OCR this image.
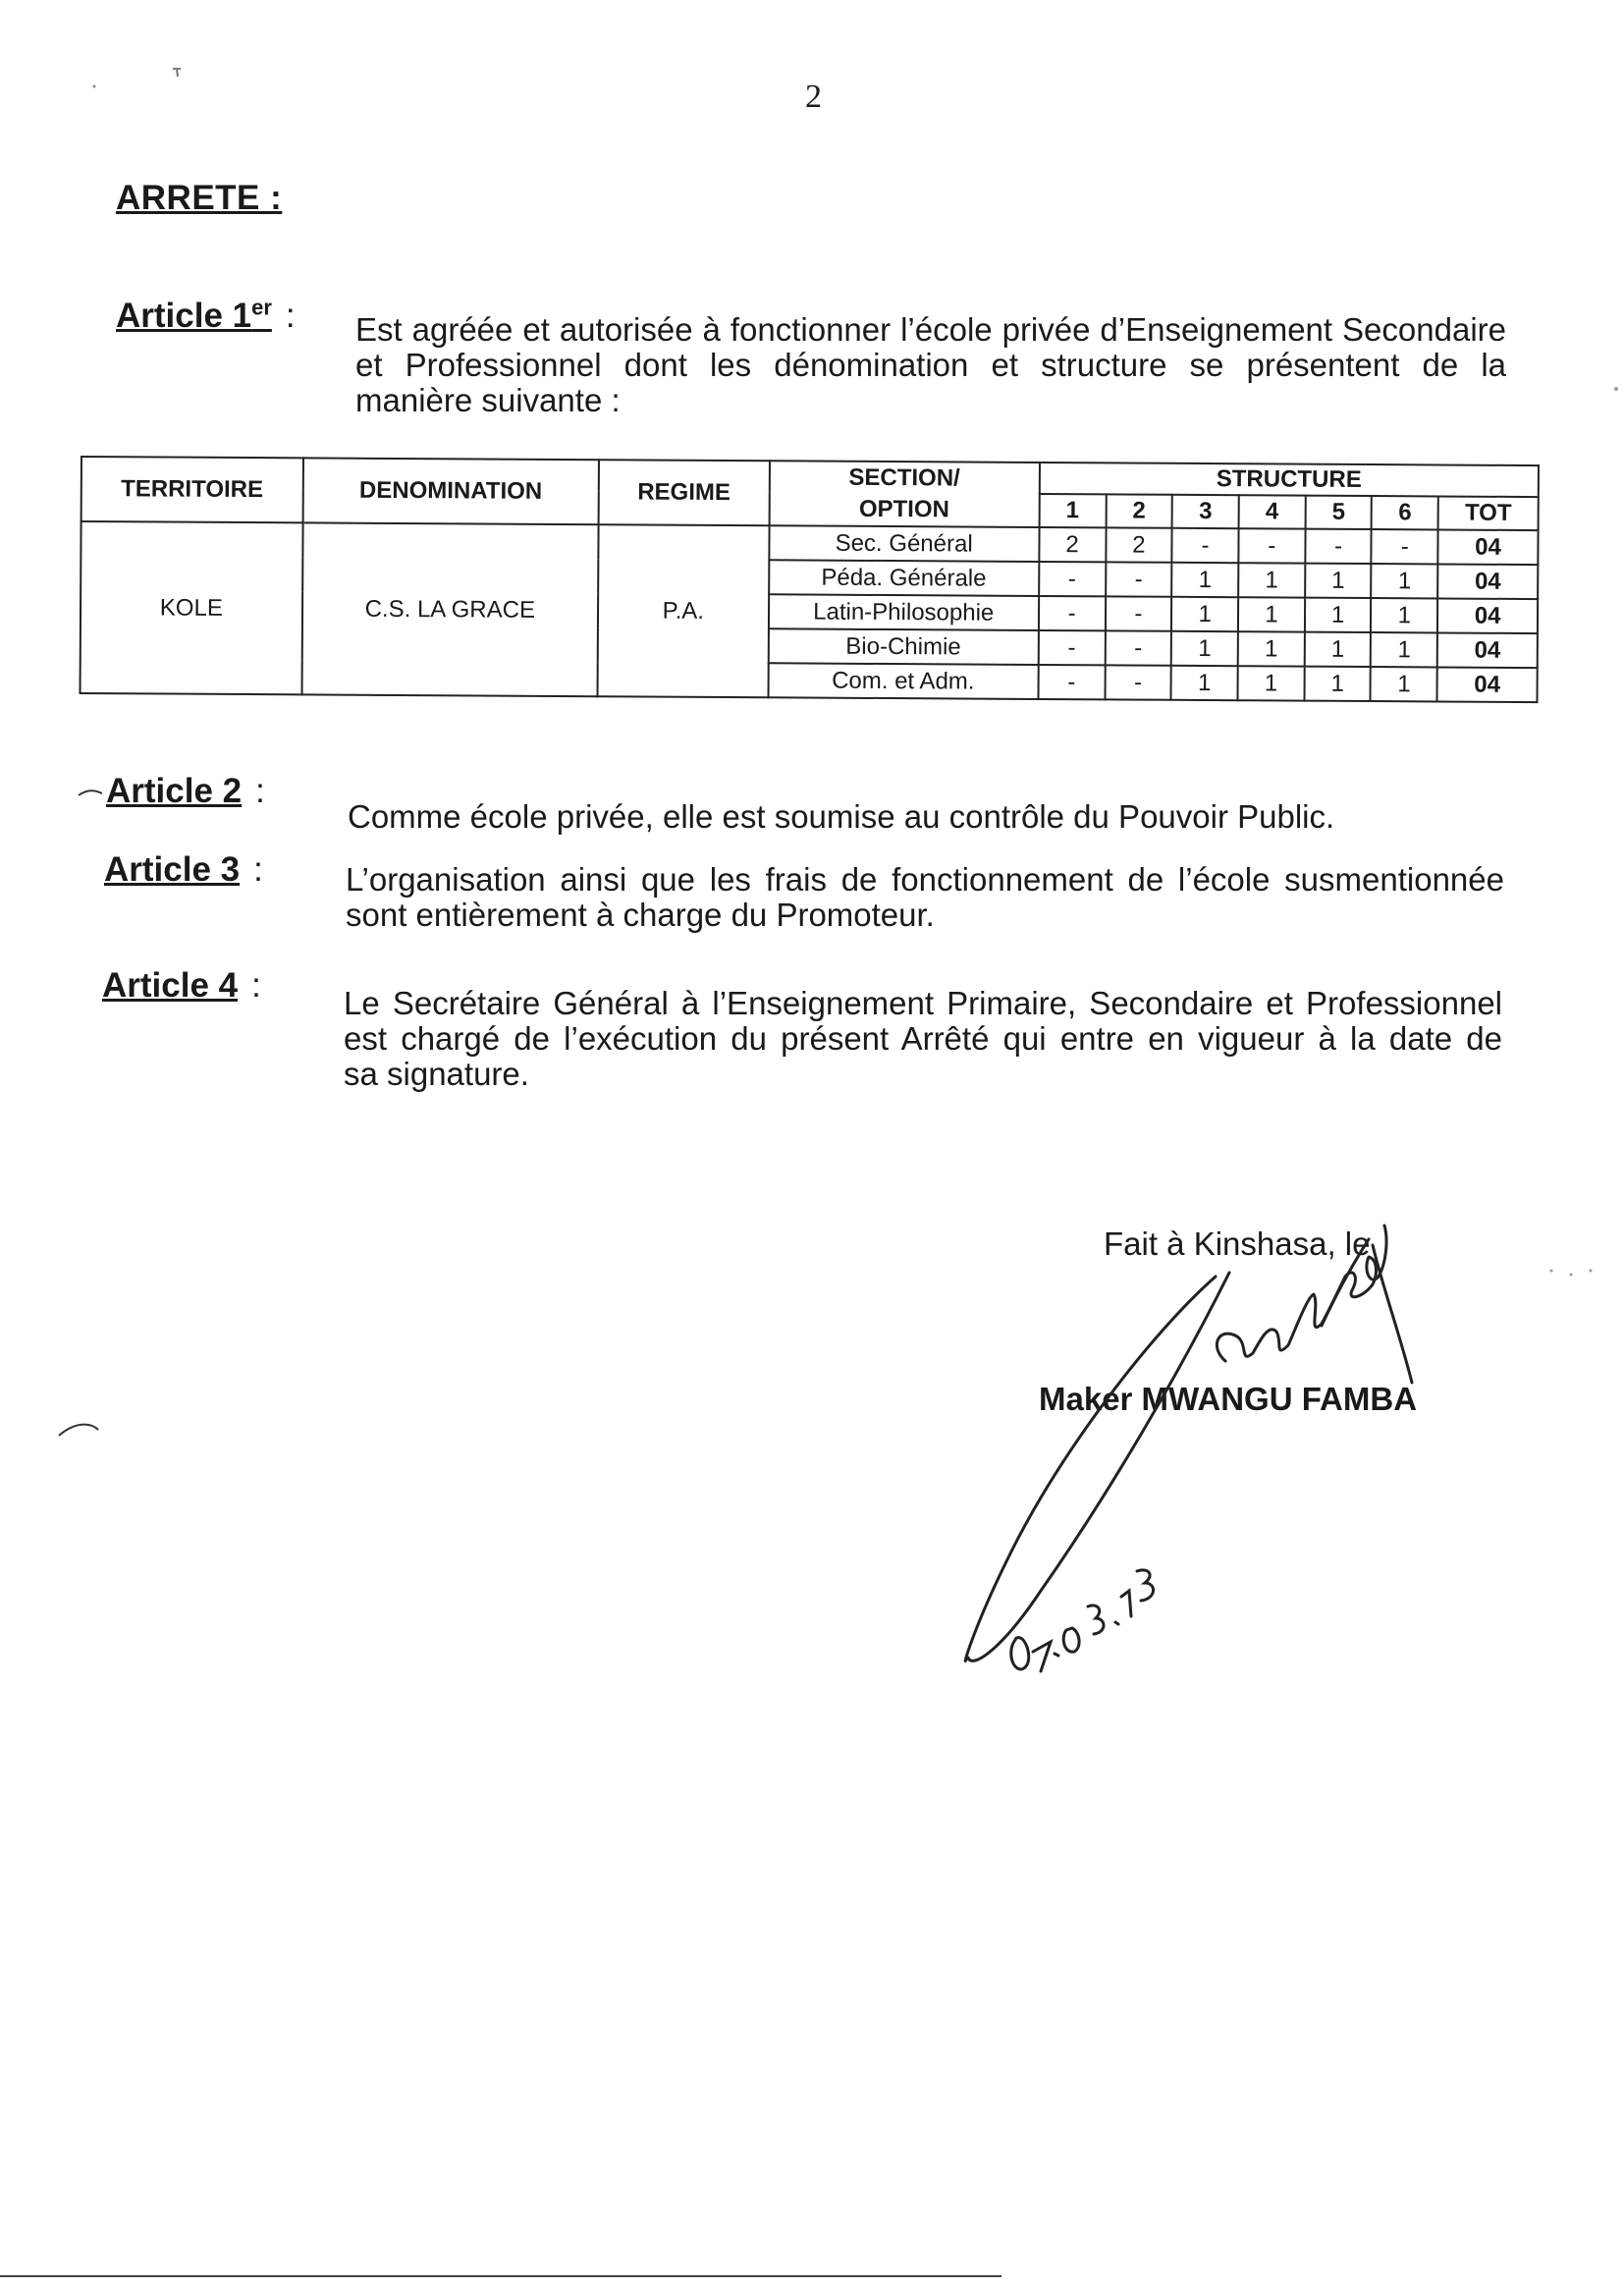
2
ARRETE :
Article 1er : Est agréée et autorisée à fonctionner l’école privée d’Enseignement Secondaire
et Professionnel dont les dénomination et structure se présentent de la
manière suivante :
TERRITOIRE	DENOMINATION	REGIME	SECTION/
OPTION	STRUCTURE						
				1	2	3	4	5	6	TOT
KOLE	C.S. LA GRACE	P.A.	Sec. Général	2	2	-	-	-	-	04
			Péda. Générale	-	-	1	1	1	1	04
			Latin-Philosophie	-	-	1	1	1	1	04
			Bio-Chimie	-	-	1	1	1	1	04
			Com. et Adm.	-	-	1	1	1	1	04
Article 2 :
Comme école privée, elle est soumise au contrôle du Pouvoir Public.
Article 3 :	L’organisation ainsi que les frais de fonctionnement de l’école susmentionnée
sont entièrement à charge du Promoteur.
Article 4 :	Le Secrétaire Général à l’Enseignement Primaire, Secondaire et Professionnel
est chargé de l’exécution du présent Arrêté qui entre en vigueur à la date de
sa signature.
Fait à Kinshasa, le
Maker MWANGU FAMBA
